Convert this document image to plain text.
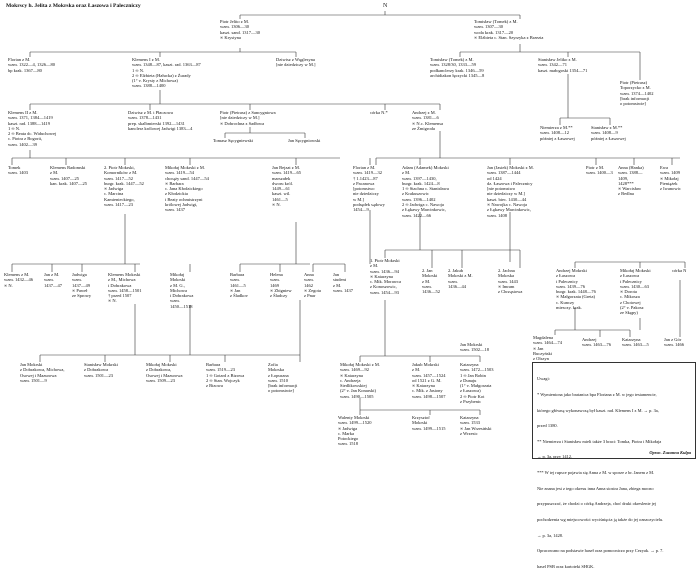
Mokrscy h. Jelita z Mokrska oraz Łaszowa i Paleczniczy	N
Piotr Jelito z M.
wzm. 1306—30
kaszt. sand. 1317—30
∞ Krystyna
Tomisław (Tomek) z M.
wzm. 1307—30
woda krak. 1317—20
∞ Elżbieta c. Stan. Szyrzyka z Brzezia
Florian z M.
wzm. 1322—4, 1326—80
bp krak. 1367—80
Klemens I z M.
wzm. 1348—87, kaszt. rad. 1363—87
1 ∞ N.
2 ∞ Elżbieta (Hałucka) z Żurady
(1° v. Krysty z Michowa)
wzm. 1388—1400
Dziwisz z Węglesyna
[nie dziedziczy w M.]
Tomisław (Tomek) z M.
wzm. 1328/30, 1333—59
podkanclerzy krak. 1346—59
archidiakon łęczycki 1345—8
Stanisław Jeliko z M.
wzm. 1342—71
kaszt. małogoski 1354—71
Piotr (Pietrasz)
Toporzycko z M.
wzm. 1374—1402
[brak informacji
o potomstwie]
Klemens II z M.
wzm. 1371, 1384—1419
kaszt. rad. 1388—1419
1 ∞ N.
2 ∞ Beata dc. Widuchowej
c. Piotra z Bogorii,
wzm. 1402—39
Dziwisz z M. i Płaczowa
wzm. 1378—1431
prep. skalbmierski 1392—1431
kanclerz królowej Jadwigi 1383—4
Piotr (Pietrasz) z Sancygniowa
[nie dziedziczy w M.]
∞ Dobrochna z Sadłowa
córka N.*	Andrzej z M.
wzm. 1381—6
∞ N.c. Klemensa
ze Żmigroda	Niemierza z M.**
wzm. 1408—12
później z Łaszowej
Stanisław z M.**
wzm. 1408—9
później z Łaszowej
Tomasz Sęcygniewski	Jan Sęcygniowski
Tomek
wzm. 1403
Klemens Radomski
z M.
wzm. 1407—25
kan. krak. 1407—25
2. Piotr Mokrski,
Komorników z M.
wzm. 1417—52
burgr. krak. 1447—52
∞ Jadwiga
c. Marcina
Kamienieckiego,
wzm. 1417—23
Mikołaj Mokrski z M.
wzm. 1419—54
chorąży sand. 1447—54
∞ Barbara
c. Jana Kłodzickiego
z Kłodzickia
i Beaty ochmistrzyni
królowej Jadwigi,
wzm. 1437
Jan Bejzat z M.
wzm. 1419—65
marszałek
dworu król.
1449—61
kaszt. wil.
1461—5
∞ N.
Florian z M.
wzm. 1419—32
† 1.1423—87
z Pacanowa
[potomstwo
nie dziedziczy
w M.]
podsędek sądowy
1454—9
Adam (Adamek) Mokrski
z M.
wzm. 1397—1430,
burgr. krak. 1424—8
1 ∞ Stachna c. Stanisława
z Krakuszowic
wzm. 1396—1402
2 ∞ Jadwiga c. Nawoja
z Łękawy Marcinkowic,
wzm. 1422—66
Jan (Jasiek) Mokrski z M.
wzm. 1387—1444
od 1424
dz. Łaszowa i Palecznicy
[nie potomstwo
nie dziedziczy w M.]
kaszt. biec. 1430—44
∞ Nawojka c. Nawoja
z Łękawy Marcinkowic,
wzm. 1408
Piotr z M.
wzm. 1400—3
Anna (Hanka)
wzm. 1388—
1409,
1428***
∞ Warcisław
z Bedlna
Ewa
wzm. 1409
∞ Mikołaj
Pieniążek
z Iwanowic
Klemens z M.
wzm. 1432—46
∞ N.
Jan z M.
wzm.
1437—47
Jadwiga
wzm.
1437—49
∞ Paweł
ze Sprowy
Klemens Mokrski
z M., Michowa
i Dobrakowa
wzm. 1458—1501
† przed 1507
∞ N.
Mikołaj
Mokrski
z M. G.,
Michowa
i Dobrakowa
wzm.
1450—1518
Barbara
wzm.
1461—5
∞ Jan
z Śladkov
Helena
wzm.
1469
∞ Zbigniew
z Śladczy
Anna
wzm.
1462
∞ Zegota
z Pnar
Jan
student
z M.
wzm. 1437
1. Piotr Mokrski
z M.
wzm. 1436—94
∞ Katarzyna
c. Mik. Morawca
z Konoszowic,
wzm. 1454—93
2. Jan
Mokrski
z M.
wzm.
1436—52
2. Jakub
Mokrski z M.
wzm.
1436—44
2. Jachna
Mokrska
wzm. 1443
∞ Imram
z Chrząstowa
Andrzej Mokrski
z Łaszowa
i Palecznicy
wzm. 1439—76
burgr. krak. 1448—76
∞ Małgorzata (Greta)
c. Kunczy
miesczy. krak.
Mikołaj Mokrski
z Łaszowa
i Palecznicy
wzm. 1430—63
∞ Dorota
c. Mikosza
z Chotowej
(2° v. Pakosz
ze Skępy)
córka N
Jan Mokrski
z Dobrakowa, Michowa,
Osowej i Mazurowa
wzm. 1501—9
Stanisław Mokrski
z Dobrakowa
wzm. 1501—23
Mikołaj Mokrski
z Dobrakowa,
Osowej i Mazurowa
wzm. 1509—23
Barbara
wzm. 1519—23
1 ∞ Gotard z Bizowa
2 ∞ Stan. Wojczyk
z Bizowa
Zofia
Mokrska
z Łopuszna
wzm. 1510
[brak informacji
o potomstwie]
Mikołaj Mokrski z M.
wzm. 1469—92
∞ Katarzyna
c. Andrzeja
Siedlikowskiej
(2° v. Jan Konarski)
wzm. 1490—1505
Jakub Mokrski
z M.
wzm. 1457—1524
od 1521 z G. M.
∞ Katarzyna
c. Mik. z Jasiony
wzm. 1498—1507
Katarzyna
wzm. 1472—1503
1 ∞ Jan Bobin
z Dunaju
(1° v. Małgorzata
z Łaszowa)
2 ∞ Piotr Kot
z Przybenic
Jan Mokrski
wzm. 1502—18
Magdalena
wzm. 1464—74
∞ Jan
Buczyński
z Olszyn
Andrzej
wzm. 1463—76
Katarzyna
wzm. 1463—5
Jan z Gór
wzm. 1466
Walenty Mokrski
wzm. 1499—1520
∞ Jadwiga
c. Marka
Potockiego
wzm. 1518
Krzysztof
Mokrski
wzm. 1499—1515
Katarzyna
wzm. 1533
∞ Jan Wrzesiński
z Wrzesic

Uwagi:

* Wymieniona jako bratanica bpa Floriana z M. w jego testamencie,

którego główną wykonawczą był kaszt. rad. Klemens I z M. → p. 3a,

przed 1380.

** Niemierza i Stanisław mieli także 3 braci: Tomka, Piotra i Mikołaja

→ p. 3a, przy 1412.

*** W tej rupsce pojawia się Anna z M. w sporze z br. Janem z M.

Nie znana jest z tego okresu inna Anna siostra Jana, zbiega mocno

przypuszczać, że chodzi o córkę Andrzeja, choć druki okreslenie jej

pochodzenia wg miejscowości wyciśnięcia ją także do jej oznaczycielu.

→ p. 3a, 1428.

Opracowano na podstawie haseł oraz pomocniczo przy Cezyak. → p. 7.

hasel PSB oraz kartoteki SHGK.

Oprac. Zuzanna Kulpa
